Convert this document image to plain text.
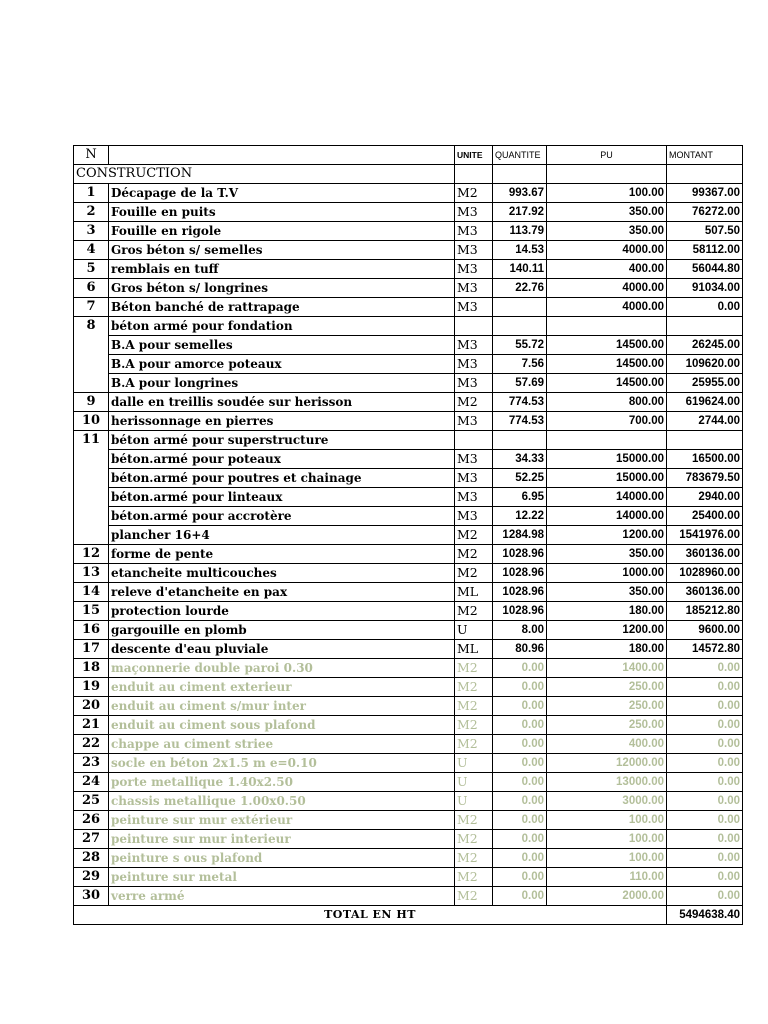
N		UNITE	QUANTITE	PU	MONTANT
CONSTRUCTION					
1	Décapage de la T.V	M2	993.67	100.00	99367.00
2	Fouille en puits	M3	217.92	350.00	76272.00
3	Fouille en rigole	M3	113.79	350.00	507.50
4	Gros béton s/ semelles	M3	14.53	4000.00	58112.00
5	remblais en tuff	M3	140.11	400.00	56044.80
6	Gros béton s/ longrines	M3	22.76	4000.00	91034.00
7	Béton banché de rattrapage	M3		4000.00	0.00
8	béton armé pour fondation				
	B.A pour semelles	M3	55.72	14500.00	26245.00
	B.A pour amorce poteaux	M3	7.56	14500.00	109620.00
	B.A pour longrines	M3	57.69	14500.00	25955.00
9	dalle en treillis soudée sur herisson	M2	774.53	800.00	619624.00
10	herissonnage en pierres	M3	774.53	700.00	2744.00
11	béton armé pour superstructure				
	béton.armé pour poteaux	M3	34.33	15000.00	16500.00
	béton.armé pour poutres et chainage	M3	52.25	15000.00	783679.50
	béton.armé pour linteaux	M3	6.95	14000.00	2940.00
	béton.armé pour accrotère	M3	12.22	14000.00	25400.00
	plancher 16+4	M2	1284.98	1200.00	1541976.00
12	forme de pente	M2	1028.96	350.00	360136.00
13	etancheite multicouches	M2	1028.96	1000.00	1028960.00
14	releve d'etancheite en pax	ML	1028.96	350.00	360136.00
15	protection lourde	M2	1028.96	180.00	185212.80
16	gargouille en plomb	U	8.00	1200.00	9600.00
17	descente d'eau pluviale	ML	80.96	180.00	14572.80
18	maçonnerie double paroi 0.30	M2	0.00	1400.00	0.00
19	enduit au ciment exterieur	M2	0.00	250.00	0.00
20	enduit au ciment s/mur inter	M2	0.00	250.00	0.00
21	enduit au ciment sous plafond	M2	0.00	250.00	0.00
22	chappe au ciment striee	M2	0.00	400.00	0.00
23	socle en béton 2x1.5 m e=0.10	U	0.00	12000.00	0.00
24	porte metallique 1.40x2.50	U	0.00	13000.00	0.00
25	chassis metallique 1.00x0.50	U	0.00	3000.00	0.00
26	peinture sur mur extérieur	M2	0.00	100.00	0.00
27	peinture sur mur interieur	M2	0.00	100.00	0.00
28	peinture s ous plafond	M2	0.00	100.00	0.00
29	peinture sur metal	M2	0.00	110.00	0.00
30	verre armé	M2	0.00	2000.00	0.00
TOTAL EN HT					5494638.40
